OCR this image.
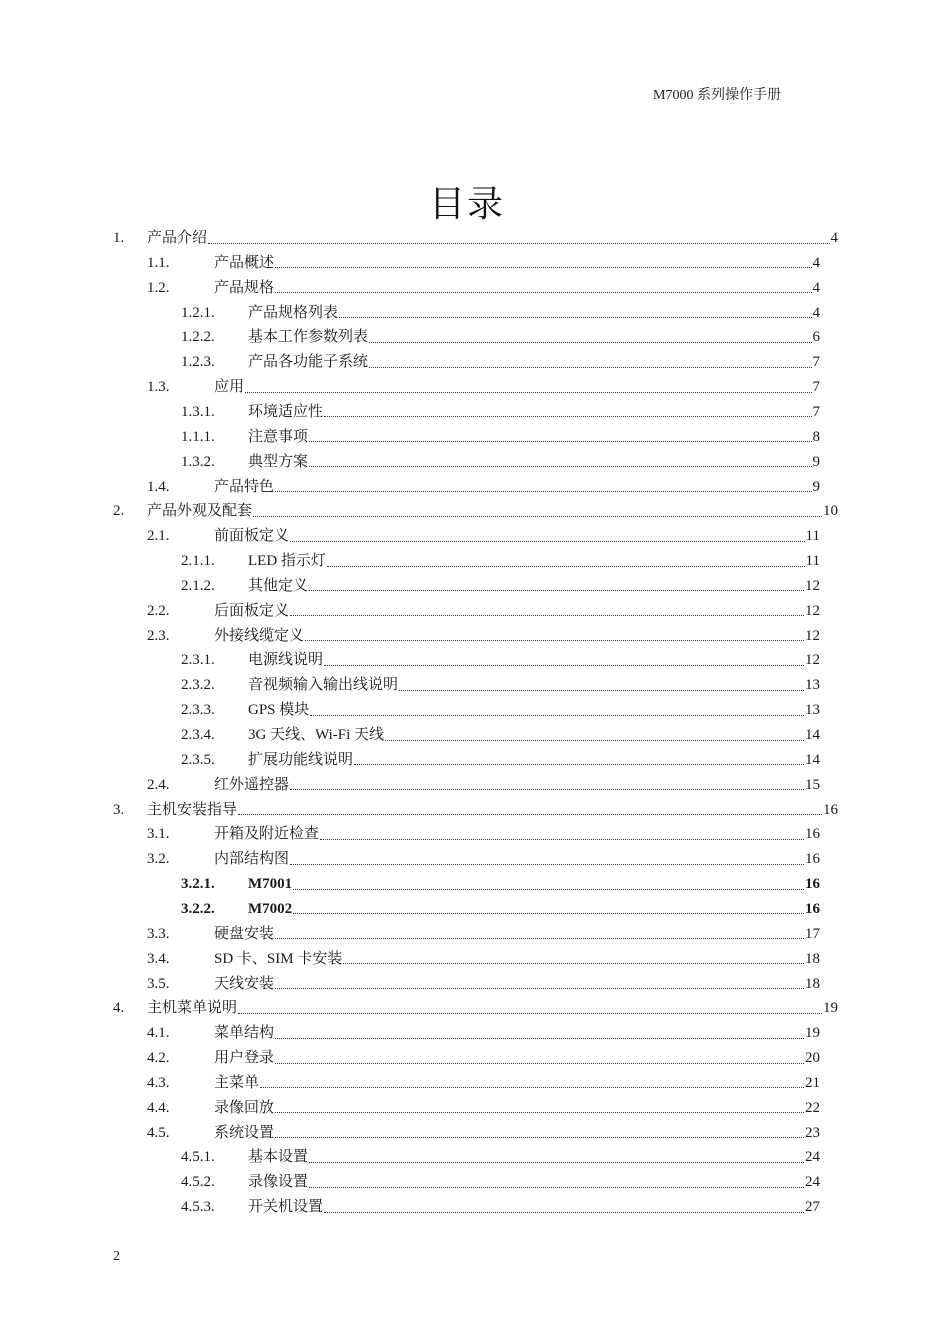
M7000 系列操作手册
目录
1.	产品介绍	4
1.1.	产品概述	4
1.2.	产品规格	4
1.2.1.	产品规格列表	4
1.2.2.	基本工作参数列表	6
1.2.3.	产品各功能子系统	7
1.3.	应用	7
1.3.1.	环境适应性	7
1.1.1.	注意事项	8
1.3.2.	典型方案	9
1.4.	产品特色	9
2.	产品外观及配套	10
2.1.	前面板定义	11
2.1.1.	LED 指示灯	11
2.1.2.	其他定义	12
2.2.	后面板定义	12
2.3.	外接线缆定义	12
2.3.1.	电源线说明	12
2.3.2.	音视频输入输出线说明	13
2.3.3.	GPS 模块	13
2.3.4.	3G 天线、Wi-Fi 天线	14
2.3.5.	扩展功能线说明	14
2.4.	红外遥控器	15
3.	主机安装指导	16
3.1.	开箱及附近检查	16
3.2.	内部结构图	16
3.2.1.	M7001	16
3.2.2.	M7002	16
3.3.	硬盘安装	17
3.4.	SD 卡、SIM 卡安装	18
3.5.	天线安装	18
4.	主机菜单说明	19
4.1.	菜单结构	19
4.2.	用户登录	20
4.3.	主菜单	21
4.4.	录像回放	22
4.5.	系统设置	23
4.5.1.	基本设置	24
4.5.2.	录像设置	24
4.5.3.	开关机设置	27
2
